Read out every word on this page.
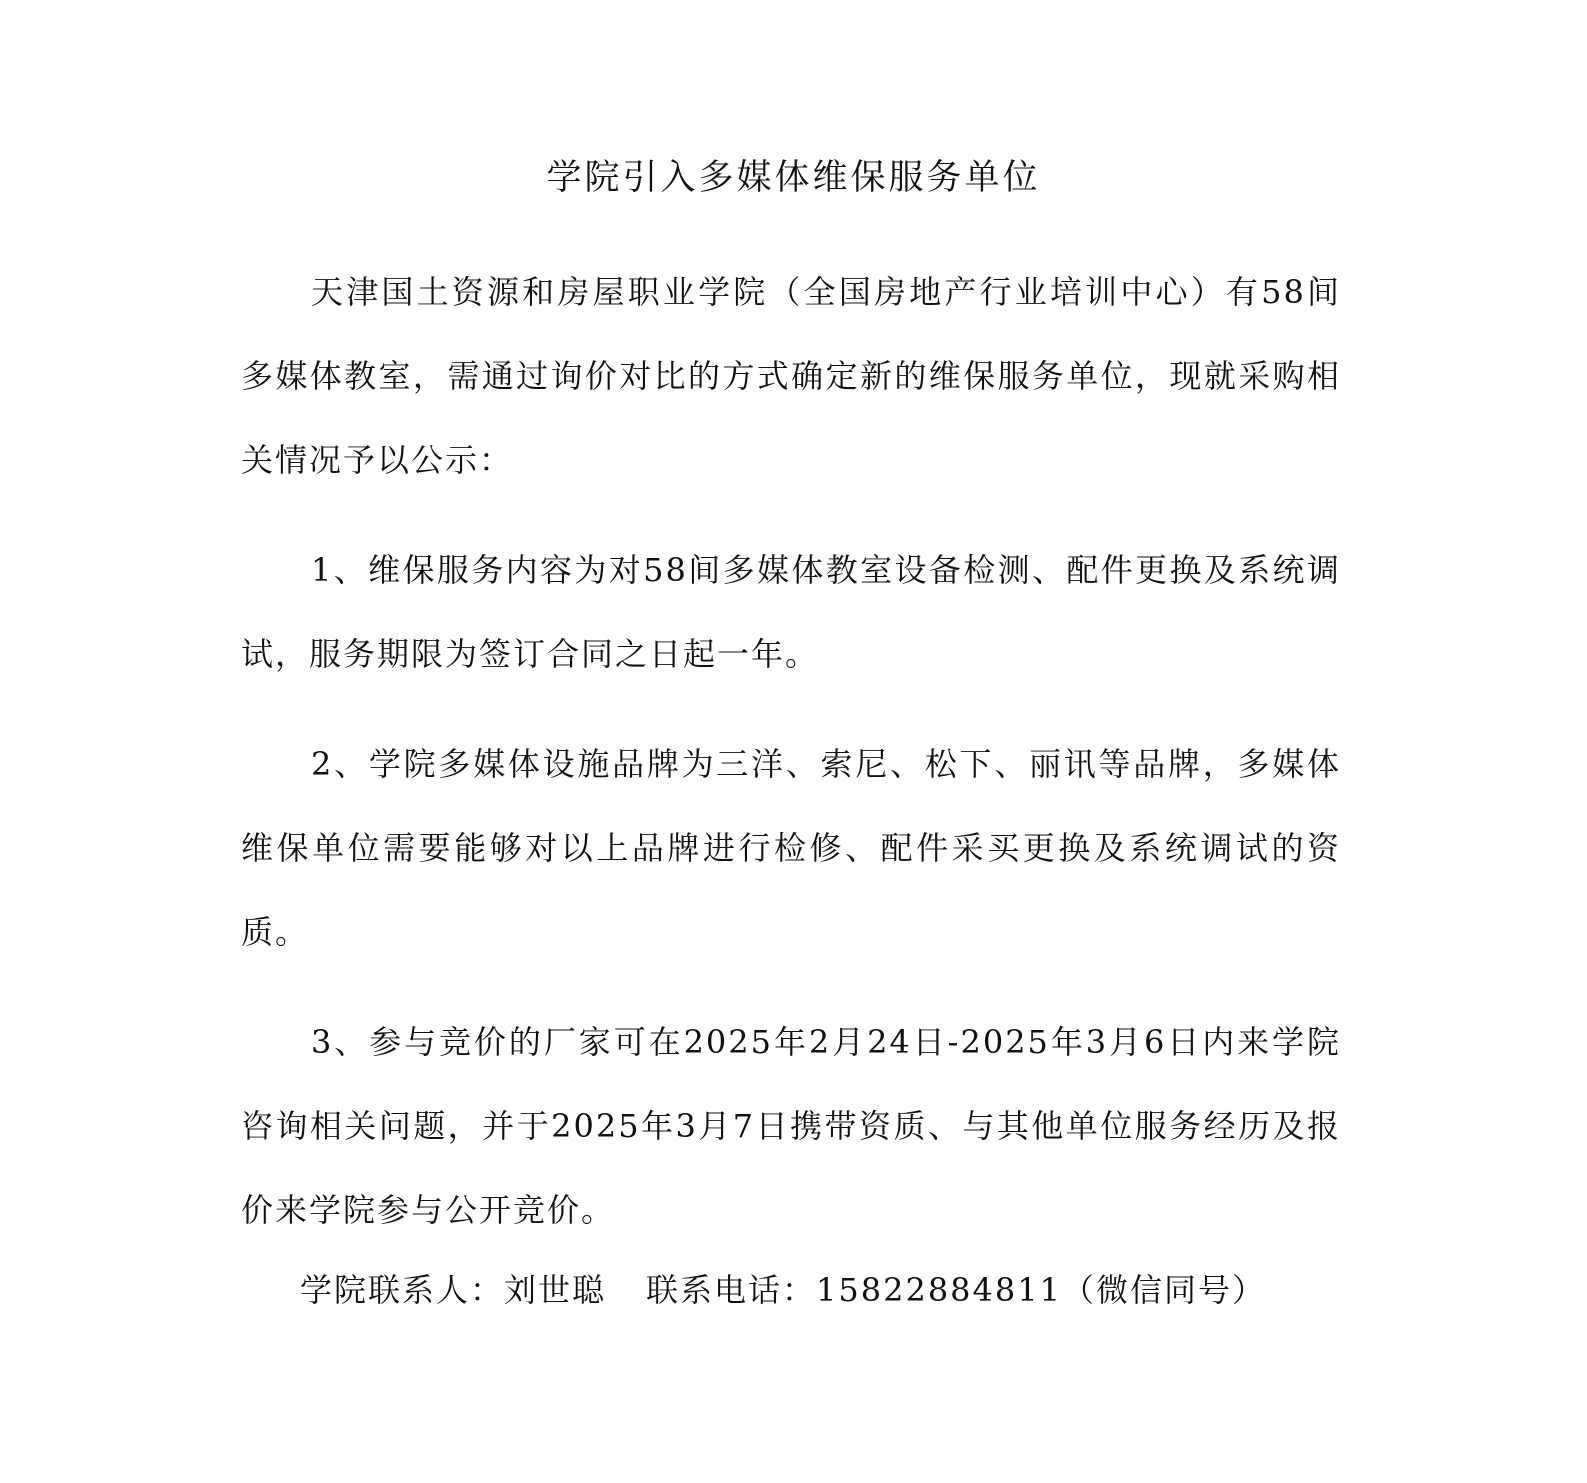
学院引入多媒体维保服务单位

天津国土资源和房屋职业学院（全国房地产行业培训中心）有58间多媒体教室，需通过询价对比的方式确定新的维保服务单位，现就采购相关情况予以公示：

1、维保服务内容为对58间多媒体教室设备检测、配件更换及系统调试，服务期限为签订合同之日起一年。

2、学院多媒体设施品牌为三洋、索尼、松下、丽讯等品牌，多媒体维保单位需要能够对以上品牌进行检修、配件采买更换及系统调试的资质。

3、参与竞价的厂家可在2025年2月24日-2025年3月6日内来学院咨询相关问题，并于2025年3月7日携带资质、与其他单位服务经历及报价来学院参与公开竞价。

学院联系人：刘世聪 联系电话：15822884811（微信同号）
